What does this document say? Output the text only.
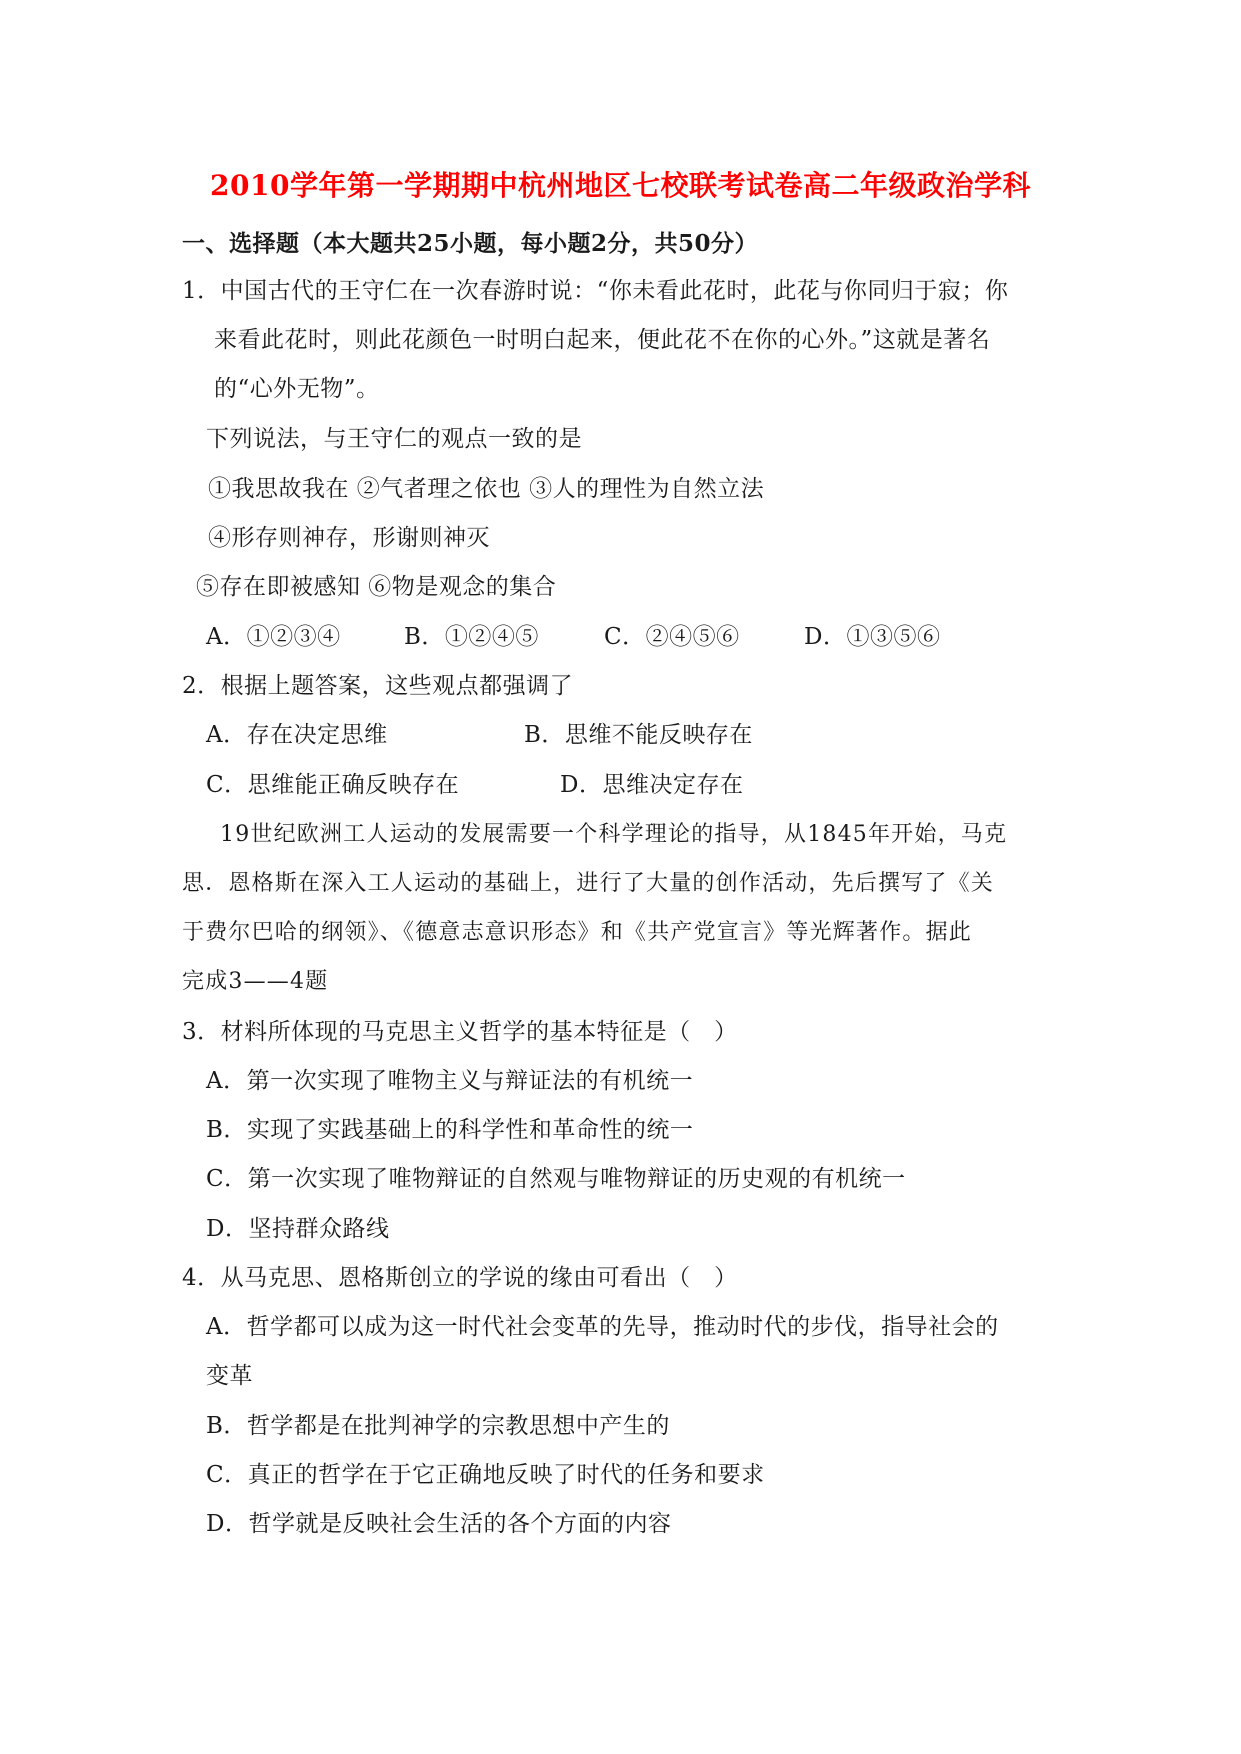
2010学年第一学期期中杭州地区七校联考试卷高二年级政治学科
一、选择题（本大题共25小题，每小题2分，共50分）
1．中国古代的王守仁在一次春游时说：“你未看此花时，此花与你同归于寂；你
来看此花时，则此花颜色一时明白起来，便此花不在你的心外。”这就是著名
的“心外无物”。
下列说法，与王守仁的观点一致的是
①我思故我在 ②气者理之依也 ③人的理性为自然立法
④形存则神存，形谢则神灭
⑤存在即被感知 ⑥物是观念的集合
A．①②③④	B．①②④⑤	C．②④⑤⑥	D．①③⑤⑥
2．根据上题答案，这些观点都强调了
A．存在决定思维	B．思维不能反映存在
C．思维能正确反映存在	D．思维决定存在
19世纪欧洲工人运动的发展需要一个科学理论的指导，从1845年开始，马克
思．恩格斯在深入工人运动的基础上，进行了大量的创作活动，先后撰写了《关
于费尔巴哈的纲领》、《德意志意识形态》和《共产党宣言》等光辉著作。据此
完成3——4题
3．材料所体现的马克思主义哲学的基本特征是（　）
A．第一次实现了唯物主义与辩证法的有机统一
B．实现了实践基础上的科学性和革命性的统一
C．第一次实现了唯物辩证的自然观与唯物辩证的历史观的有机统一
D．坚持群众路线
4．从马克思、恩格斯创立的学说的缘由可看出（　）
A．哲学都可以成为这一时代社会变革的先导，推动时代的步伐，指导社会的
变革
B．哲学都是在批判神学的宗教思想中产生的
C．真正的哲学在于它正确地反映了时代的任务和要求
D．哲学就是反映社会生活的各个方面的内容
